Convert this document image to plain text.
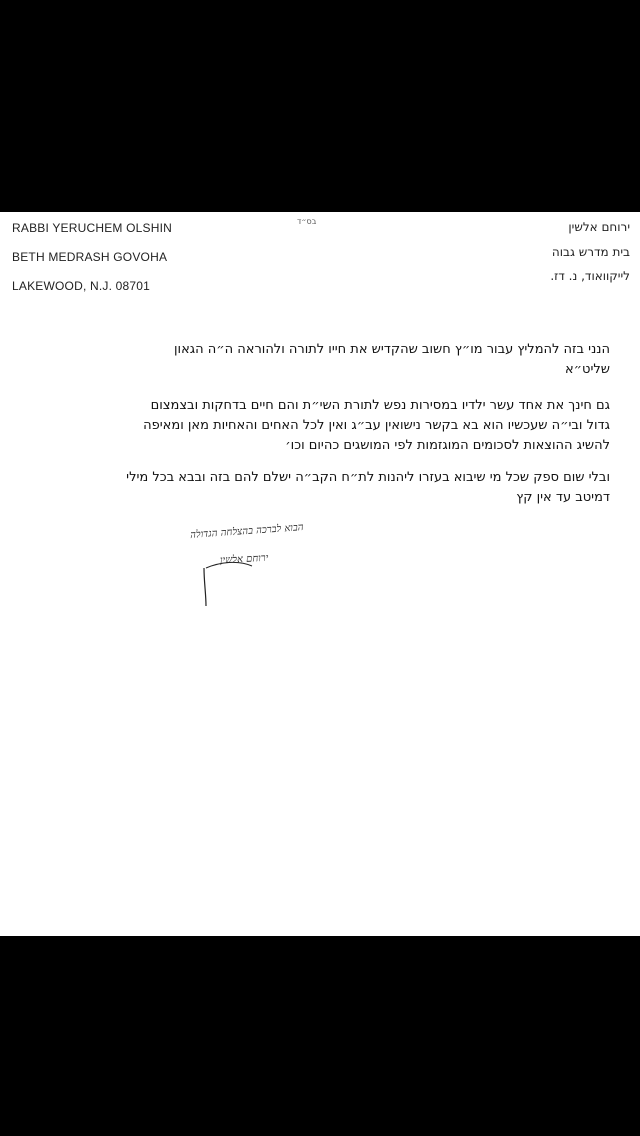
בס״ד
RABBI YERUCHEM OLSHIN
BETH MEDRASH GOVOHA
LAKEWOOD, N.J. 08701
ירוחם אלשין
בית מדרש גבוה
לייקוואוד, נ. דז.

הנני בזה להמליץ עבור מו״ץ חשוב שהקדיש את חייו לתורה ולהוראה ה״ה הגאון

שליט״א

גם חינך את אחד עשר ילדיו במסירות נפש לתורת השי״ת והם חיים בדחקות ובצמצום

גדול ובי״ה שעכשיו הוא בא בקשר נישואין עב״ג ואין לכל האחים והאחיות מאן ומאיפה

להשיג ההוצאות לסכומים המוגזמות לפי המושגים כהיום וכו׳

ובלי שום ספק שכל מי שיבוא בעזרו ליהנות לת״ח הקב״ה ישלם להם בזה ובבא בכל מילי

דמיטב עד אין קץ

הבוא לברכה בהצלחה הגדולה
ירוחם אלשין
